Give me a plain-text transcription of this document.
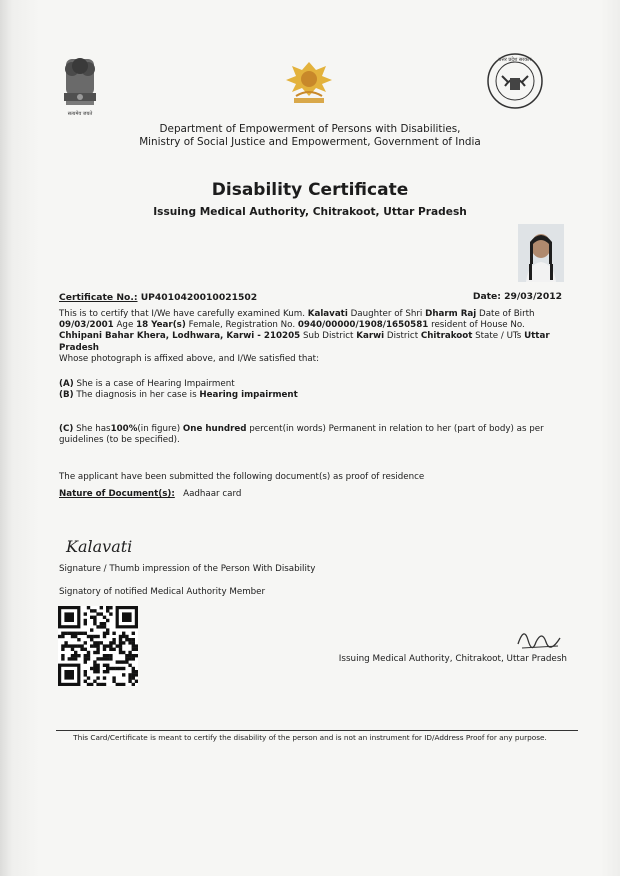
सत्यमेव जयते
उत्तर प्रदेश सरकार
Department of Empowerment of Persons with Disabilities,
Ministry of Social Justice and Empowerment, Government of India
Disability Certificate
Issuing Medical Authority, Chitrakoot, Uttar Pradesh
Certificate No.: UP4010420010021502	Date: 29/03/2012
This is to certify that I/We have carefully examined Kum. Kalavati Daughter of Shri Dharm Raj Date of Birth 09/03/2001 Age 18 Year(s) Female, Registration No. 0940/00000/1908/1650581 resident of House No. Chhipani Bahar Khera, Lodhwara, Karwi - 210205 Sub District Karwi District Chitrakoot State / UTs Uttar Pradesh
Whose photograph is affixed above, and I/We satisfied that:
(A) She is a case of Hearing Impairment
(B) The diagnosis in her case is Hearing impairment
(C) She has100%(in figure) One hundred percent(in words) Permanent in relation to her (part of body) as per guidelines (to be specified).
The applicant have been submitted the following document(s) as proof of residence
Nature of Document(s): Aadhaar card
Kalavati
Signature / Thumb impression of the Person With Disability
Signatory of notified Medical Authority Member
Issuing Medical Authority, Chitrakoot, Uttar Pradesh
This Card/Certificate is meant to certify the disability of the person and is not an instrument for ID/Address Proof for any purpose.
